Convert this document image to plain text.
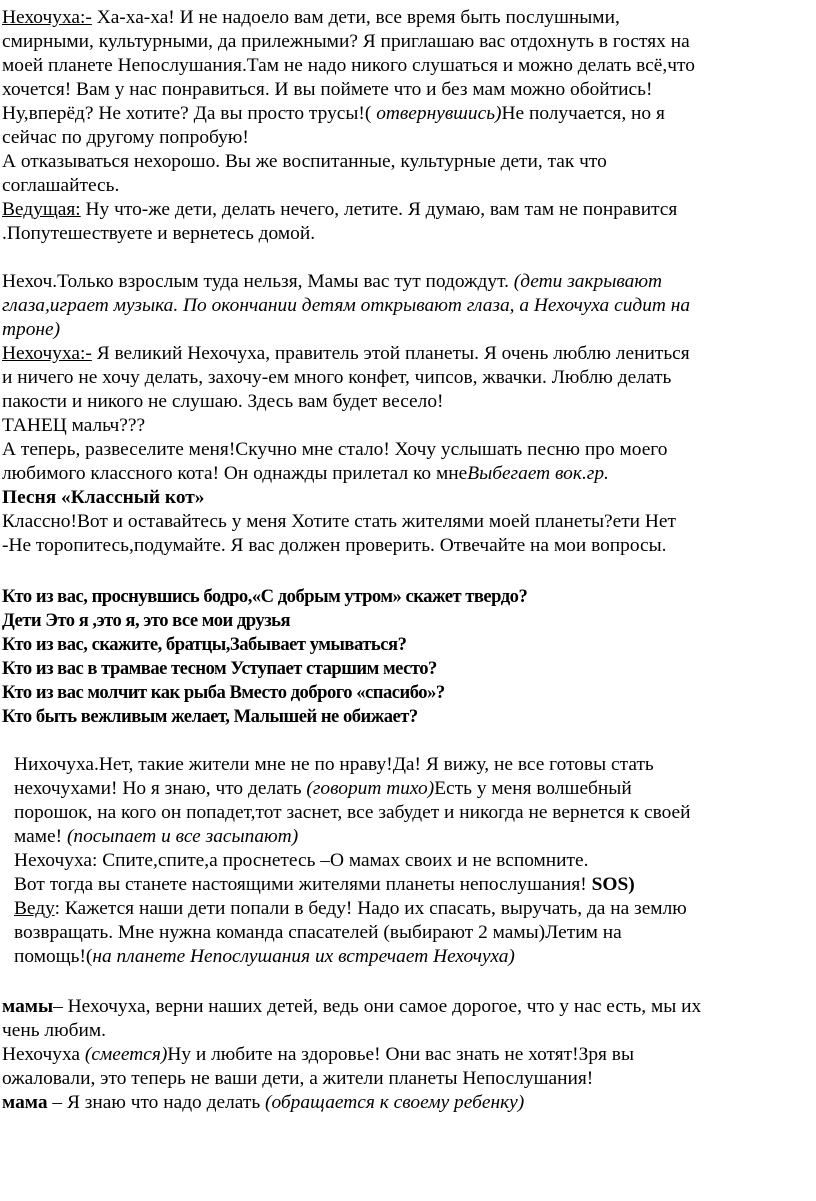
Нехочуха:- Ха-ха-ха! И не надоело вам дети, все время быть послушными,
смирными, культурными, да прилежными? Я приглашаю вас отдохнуть в гостях на
моей планете Непослушания.Там не надо никого слушаться и можно делать всё,что
хочется! Вам у нас понравиться. И вы поймете что и без мам можно обойтись!
Ну,вперёд? Не хотите? Да вы просто трусы!( отвернувшись)Не получается, но я
сейчас по другому попробую!
А отказываться нехорошо. Вы же воспитанные, культурные дети, так что
соглашайтесь.
Ведущая: Ну что-же дети, делать нечего, летите. Я думаю, вам там не понравится
.Попутешествуете и вернетесь домой.
Нехоч.Только взрослым туда нельзя, Мамы вас тут подождут. (дети закрывают
глаза,играет музыка. По окончании детям открывают глаза, а Нехочуха сидит на
троне)
Нехочуха:- Я великий Нехочуха, правитель этой планеты. Я очень люблю лениться
и ничего не хочу делать, захочу-ем много конфет, чипсов, жвачки. Люблю делать
пакости и никого не слушаю. Здесь вам будет весело!
ТАНЕЦ мальч???
А теперь, развеселите меня!Скучно мне стало! Хочу услышать песню про моего
любимого классного кота! Он однажды прилетал ко мнеВыбегает вок.гр.
Песня «Классный кот»
Классно!Вот и оставайтесь у меня Хотите стать жителями моей планеты?ети Нет
-Не торопитесь,подумайте. Я вас должен проверить. Отвечайте на мои вопросы.
Кто из вас, проснувшись бодро,«С добрым утром» скажет твердо?
Дети Это я ,это я, это все мои друзья
Кто из вас, скажите, братцы,Забывает умываться?
Кто из вас в трамвае тесном Уступает старшим место?
Кто из вас молчит как рыба Вместо доброго «спасибо»?
Кто быть вежливым желает, Малышей не обижает?
Нихочуха.Нет, такие жители мне не по нраву!Да! Я вижу, не все готовы стать
нехочухами! Но я знаю, что делать (говорит тихо)Есть у меня волшебный
порошок, на кого он попадет,тот заснет, все забудет и никогда не вернется к своей
маме! (посыпает и все засыпают)
Нехочуха: Спите,спите,а проснетесь –О мамах своих и не вспомните.
Вот тогда вы станете настоящими жителями планеты непослушания! SOS)
Веду: Кажется наши дети попали в беду! Надо их спасать, выручать, да на землю
возвращать. Мне нужна команда спасателей (выбирают 2 мамы)Летим на
помощь!(на планете Непослушания их встречает Нехочуха)
мамы– Нехочуха, верни наших детей, ведь они самое дорогое, что у нас есть, мы их
чень любим.
Нехочуха (смеется)Ну и любите на здоровье! Они вас знать не хотят!Зря вы
ожаловали, это теперь не ваши дети, а жители планеты Непослушания!
мама – Я знаю что надо делать (обращается к своему ребенку)
